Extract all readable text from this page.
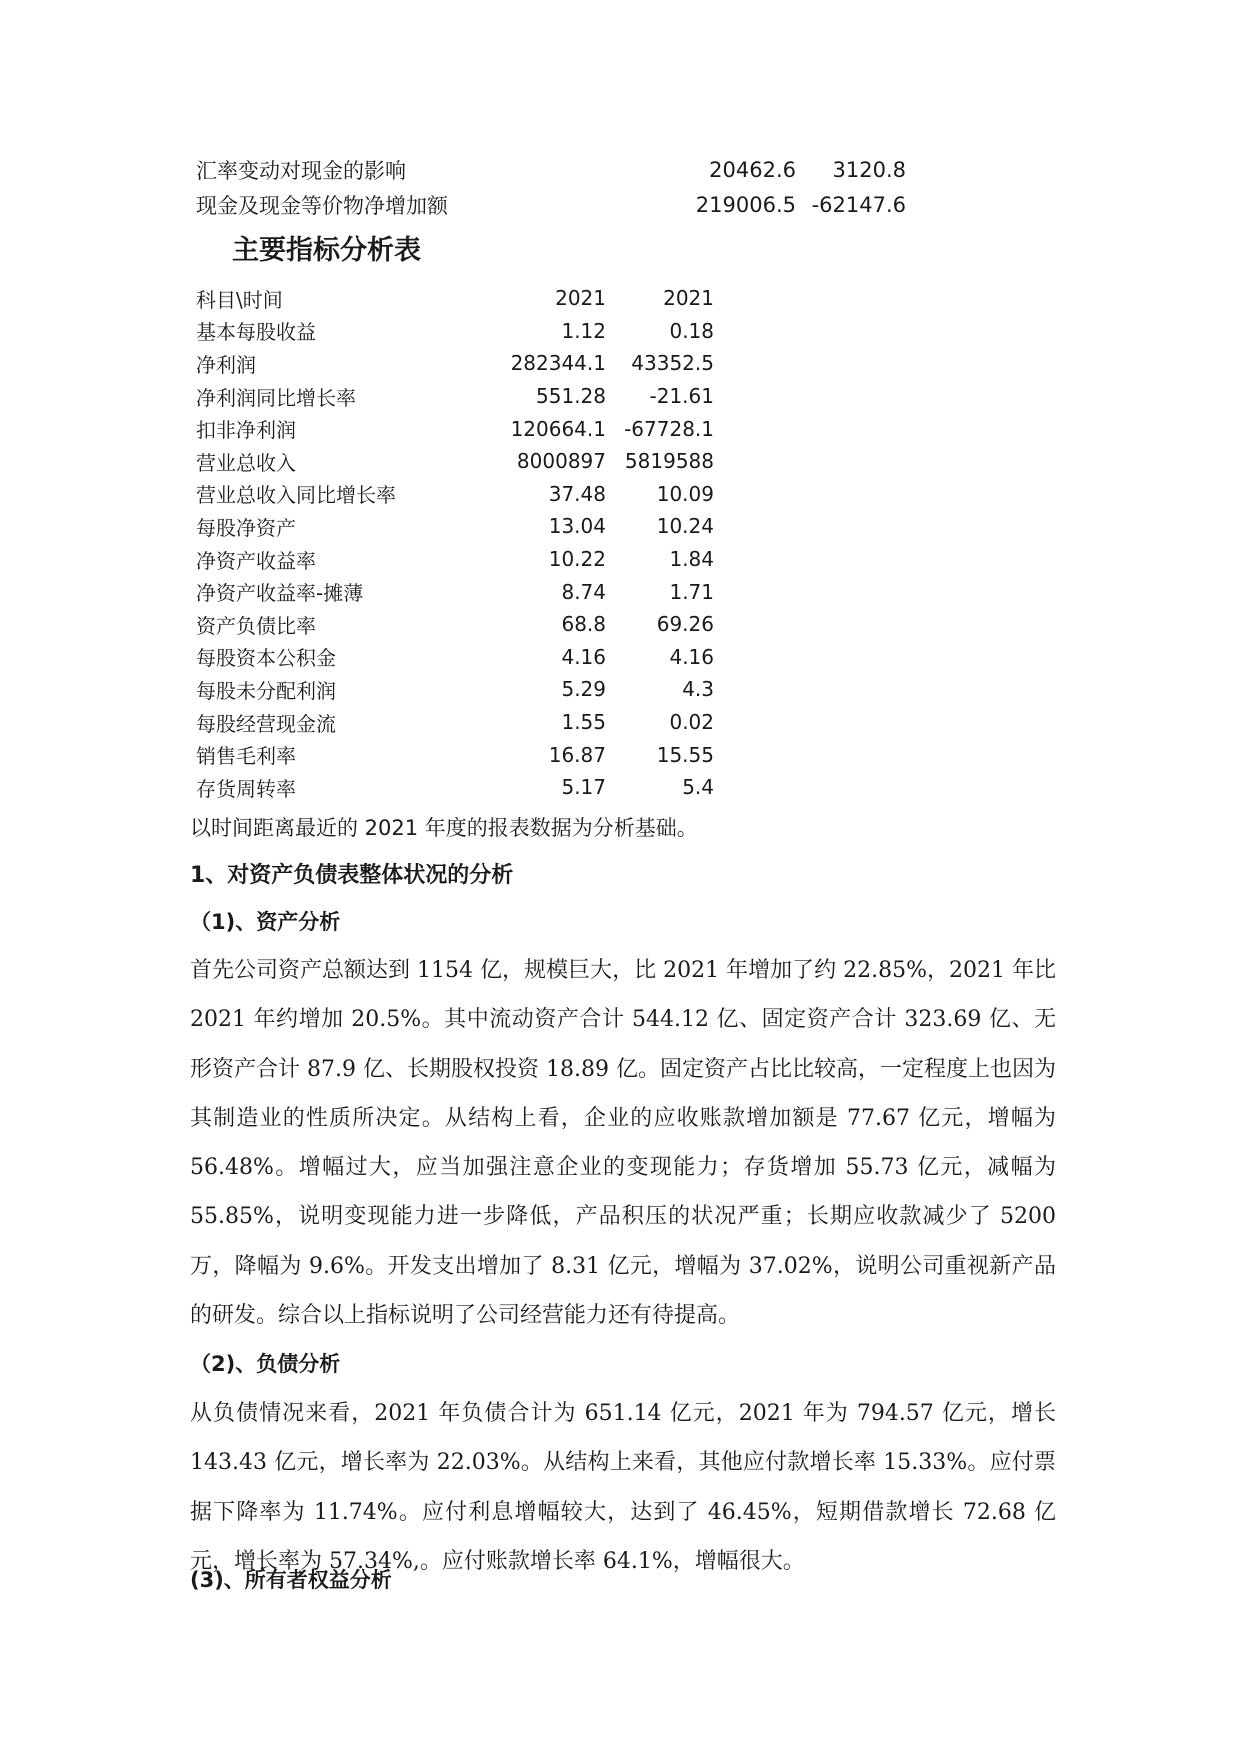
汇率变动对现金的影响	20462.6	3120.8
现金及现金等价物净增加额	219006.5	-62147.6
主要指标分析表
科目\时间	2021	2021
基本每股收益	1.12	0.18
净利润	282344.1	43352.5
净利润同比增长率	551.28	-21.61
扣非净利润	120664.1	-67728.1
营业总收入	8000897	5819588
营业总收入同比增长率	37.48	10.09
每股净资产	13.04	10.24
净资产收益率	10.22	1.84
净资产收益率-摊薄	8.74	1.71
资产负债比率	68.8	69.26
每股资本公积金	4.16	4.16
每股未分配利润	5.29	4.3
每股经营现金流	1.55	0.02
销售毛利率	16.87	15.55
存货周转率	5.17	5.4

以时间距离最近的 2021 年度的报表数据为分析基础。

1、对资产负债表整体状况的分析
（1)、资产分析

首先公司资产总额达到 1154 亿，规模巨大，比 2021 年增加了约 22.85%，2021 年比 2021 年约增加 20.5%。其中流动资产合计 544.12 亿、固定资产合计 323.69 亿、无形资产合计 87.9 亿、长期股权投资 18.89 亿。固定资产占比比较高，一定程度上也因为其制造业的性质所决定。从结构上看，企业的应收账款增加额是 77.67 亿元，增幅为 56.48%。增幅过大，应当加强注意企业的变现能力；存货增加 55.73 亿元，减幅为 55.85%，说明变现能力进一步降低，产品积压的状况严重；长期应收款减少了 5200 万，降幅为 9.6%。开发支出增加了 8.31 亿元，增幅为 37.02%，说明公司重视新产品的研发。综合以上指标说明了公司经营能力还有待提高。

（2)、负债分析

从负债情况来看，2021 年负债合计为 651.14 亿元，2021 年为 794.57 亿元，增长 143.43 亿元，增长率为 22.03%。从结构上来看，其他应付款增长率 15.33%。应付票据下降率为 11.74%。应付利息增幅较大，达到了 46.45%，短期借款增长 72.68 亿元，增长率为 57.34%,。应付账款增长率 64.1%，增幅很大。

(3)、所有者权益分析
